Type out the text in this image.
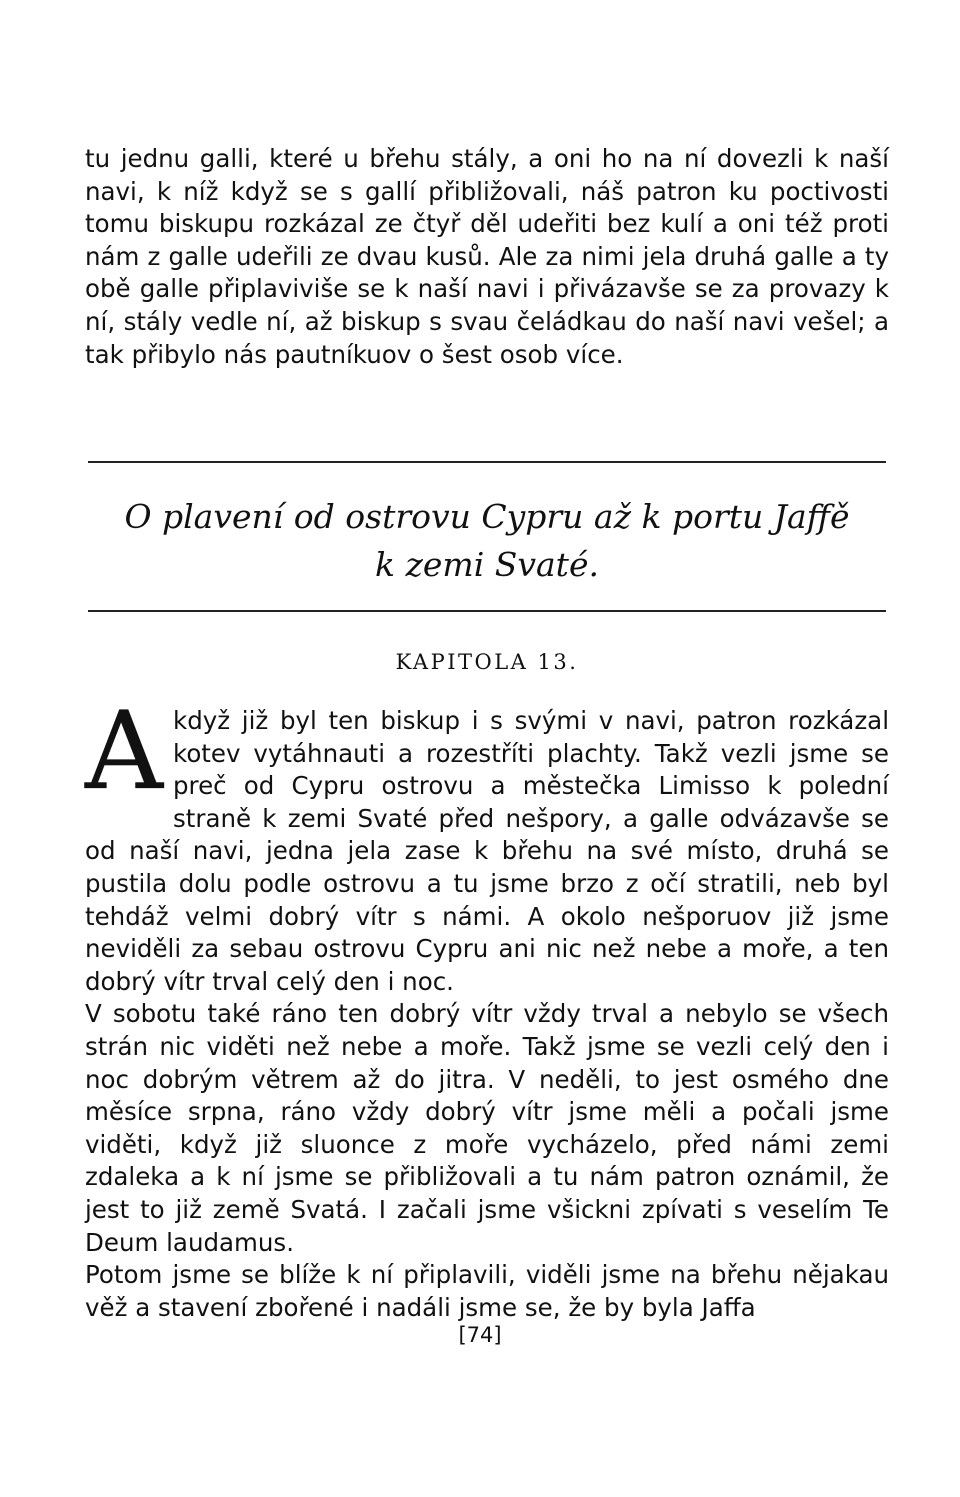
tu jednu galli, které u břehu stály, a oni ho na ní dovezli k naší navi, k níž když se s gallí přibližovali, náš patron ku poctivosti tomu biskupu rozkázal ze čtyř děl udeřiti bez kulí a oni též proti nám z galle udeřili ze dvau kusů. Ale za nimi jela druhá galle a ty obě galle připlaviviše se k naší navi i přivázavše se za provazy k ní, stály vedle ní, až biskup s svau čeládkau do naší navi vešel; a tak přibylo nás pautníkuov o šest osob více.

O plavení od ostrovu Cypru až k portu Jaffě
k zemi Svaté.
KAPITOLA 13.

Akdyž již byl ten biskup i s svými v navi, patron rozkázal kotev vytáhnauti a rozestříti plachty. Takž vezli jsme se preč od Cypru ostrovu a městečka Limisso k polední straně k zemi Svaté před nešpory, a galle odvázavše se od naší navi, jedna jela zase k břehu na své místo, druhá se pustila dolu podle ostrovu a tu jsme brzo z očí stratili, neb byl tehdáž velmi dobrý vítr s námi. A okolo nešporuov již jsme neviděli za sebau ostrovu Cypru ani nic než nebe a moře, a ten dobrý vítr trval celý den i noc.

V sobotu také ráno ten dobrý vítr vždy trval a nebylo se všech strán nic viděti než nebe a moře. Takž jsme se vezli celý den i noc dobrým větrem až do jitra. V neděli, to jest osmého dne měsíce srpna, ráno vždy dobrý vítr jsme měli a počali jsme viděti, když již sluonce z moře vycházelo, před námi zemi zdaleka a k ní jsme se přibližovali a tu nám patron oznámil, že jest to již země Svatá. I začali jsme všickni zpívati s veselím Te Deum laudamus.

Potom jsme se blíže k ní připlavili, viděli jsme na břehu nějakau věž a stavení zbořené i nadáli jsme se, že by byla Jaffa

[74]
